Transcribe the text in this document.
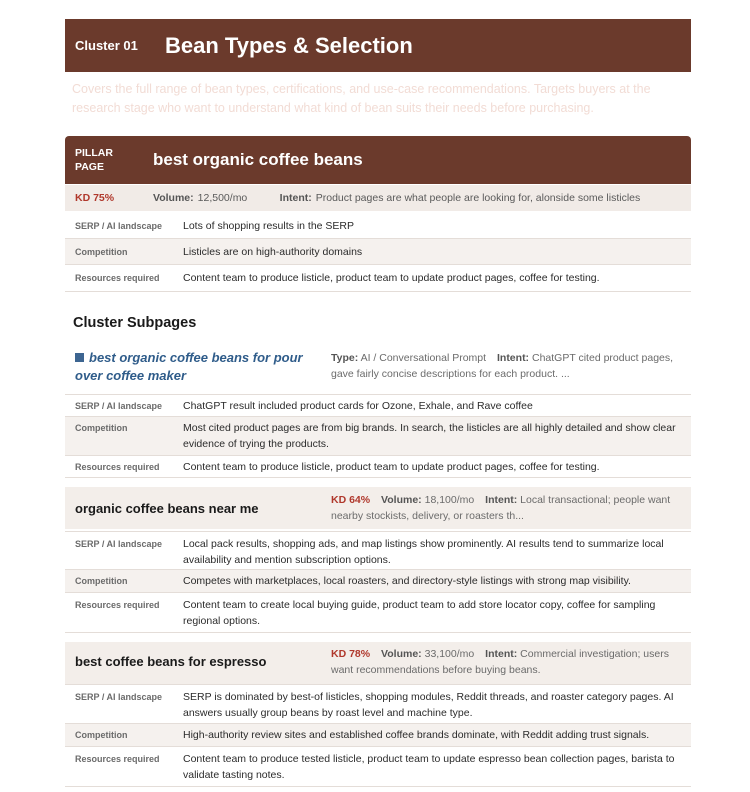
Cluster 01	Bean Types & Selection

Covers the full range of bean types, certifications, and use-case recommendations. Targets buyers at the research stage who want to understand what kind of bean suits their needs before purchasing.

PILLAR
PAGE	best organic coffee beans
KD 75%	Volume: 12,500/mo	Intent: Product pages are what people are looking for, alonside some listicles
SERP / AI landscape	Lots of shopping results in the SERP
Competition	Listicles are on high-authority domains
Resources required	Content team to produce listicle, product team to update product pages, coffee for testing.
Cluster Subpages
best organic coffee beans for pour
over coffee maker
Type: AI / Conversational Prompt Intent: ChatGPT cited product pages, gave fairly concise descriptions for each product. ...
SERP / AI landscape	ChatGPT result included product cards for Ozone, Exhale, and Rave coffee
Competition	Most cited product pages are from big brands. In search, the listicles are all highly detailed and show clear evidence of trying the products.
Resources required	Content team to produce listicle, product team to update product pages, coffee for testing.
organic coffee beans near me
KD 64% Volume: 18,100/mo Intent: Local transactional; people want nearby stockists, delivery, or roasters th...
SERP / AI landscape	Local pack results, shopping ads, and map listings show prominently. AI results tend to summarize local availability and mention subscription options.
Competition	Competes with marketplaces, local roasters, and directory-style listings with strong map visibility.
Resources required	Content team to create local buying guide, product team to add store locator copy, coffee for sampling regional options.
best coffee beans for espresso	KD 78% Volume: 33,100/mo Intent: Commercial investigation; users want recommendations before buying beans.
SERP / AI landscape	SERP is dominated by best-of listicles, shopping modules, Reddit threads, and roaster category pages. AI answers usually group beans by roast level and machine type.
Competition	High-authority review sites and established coffee brands dominate, with Reddit adding trust signals.
Resources required	Content team to produce tested listicle, product team to update espresso bean collection pages, barista to validate tasting notes.
